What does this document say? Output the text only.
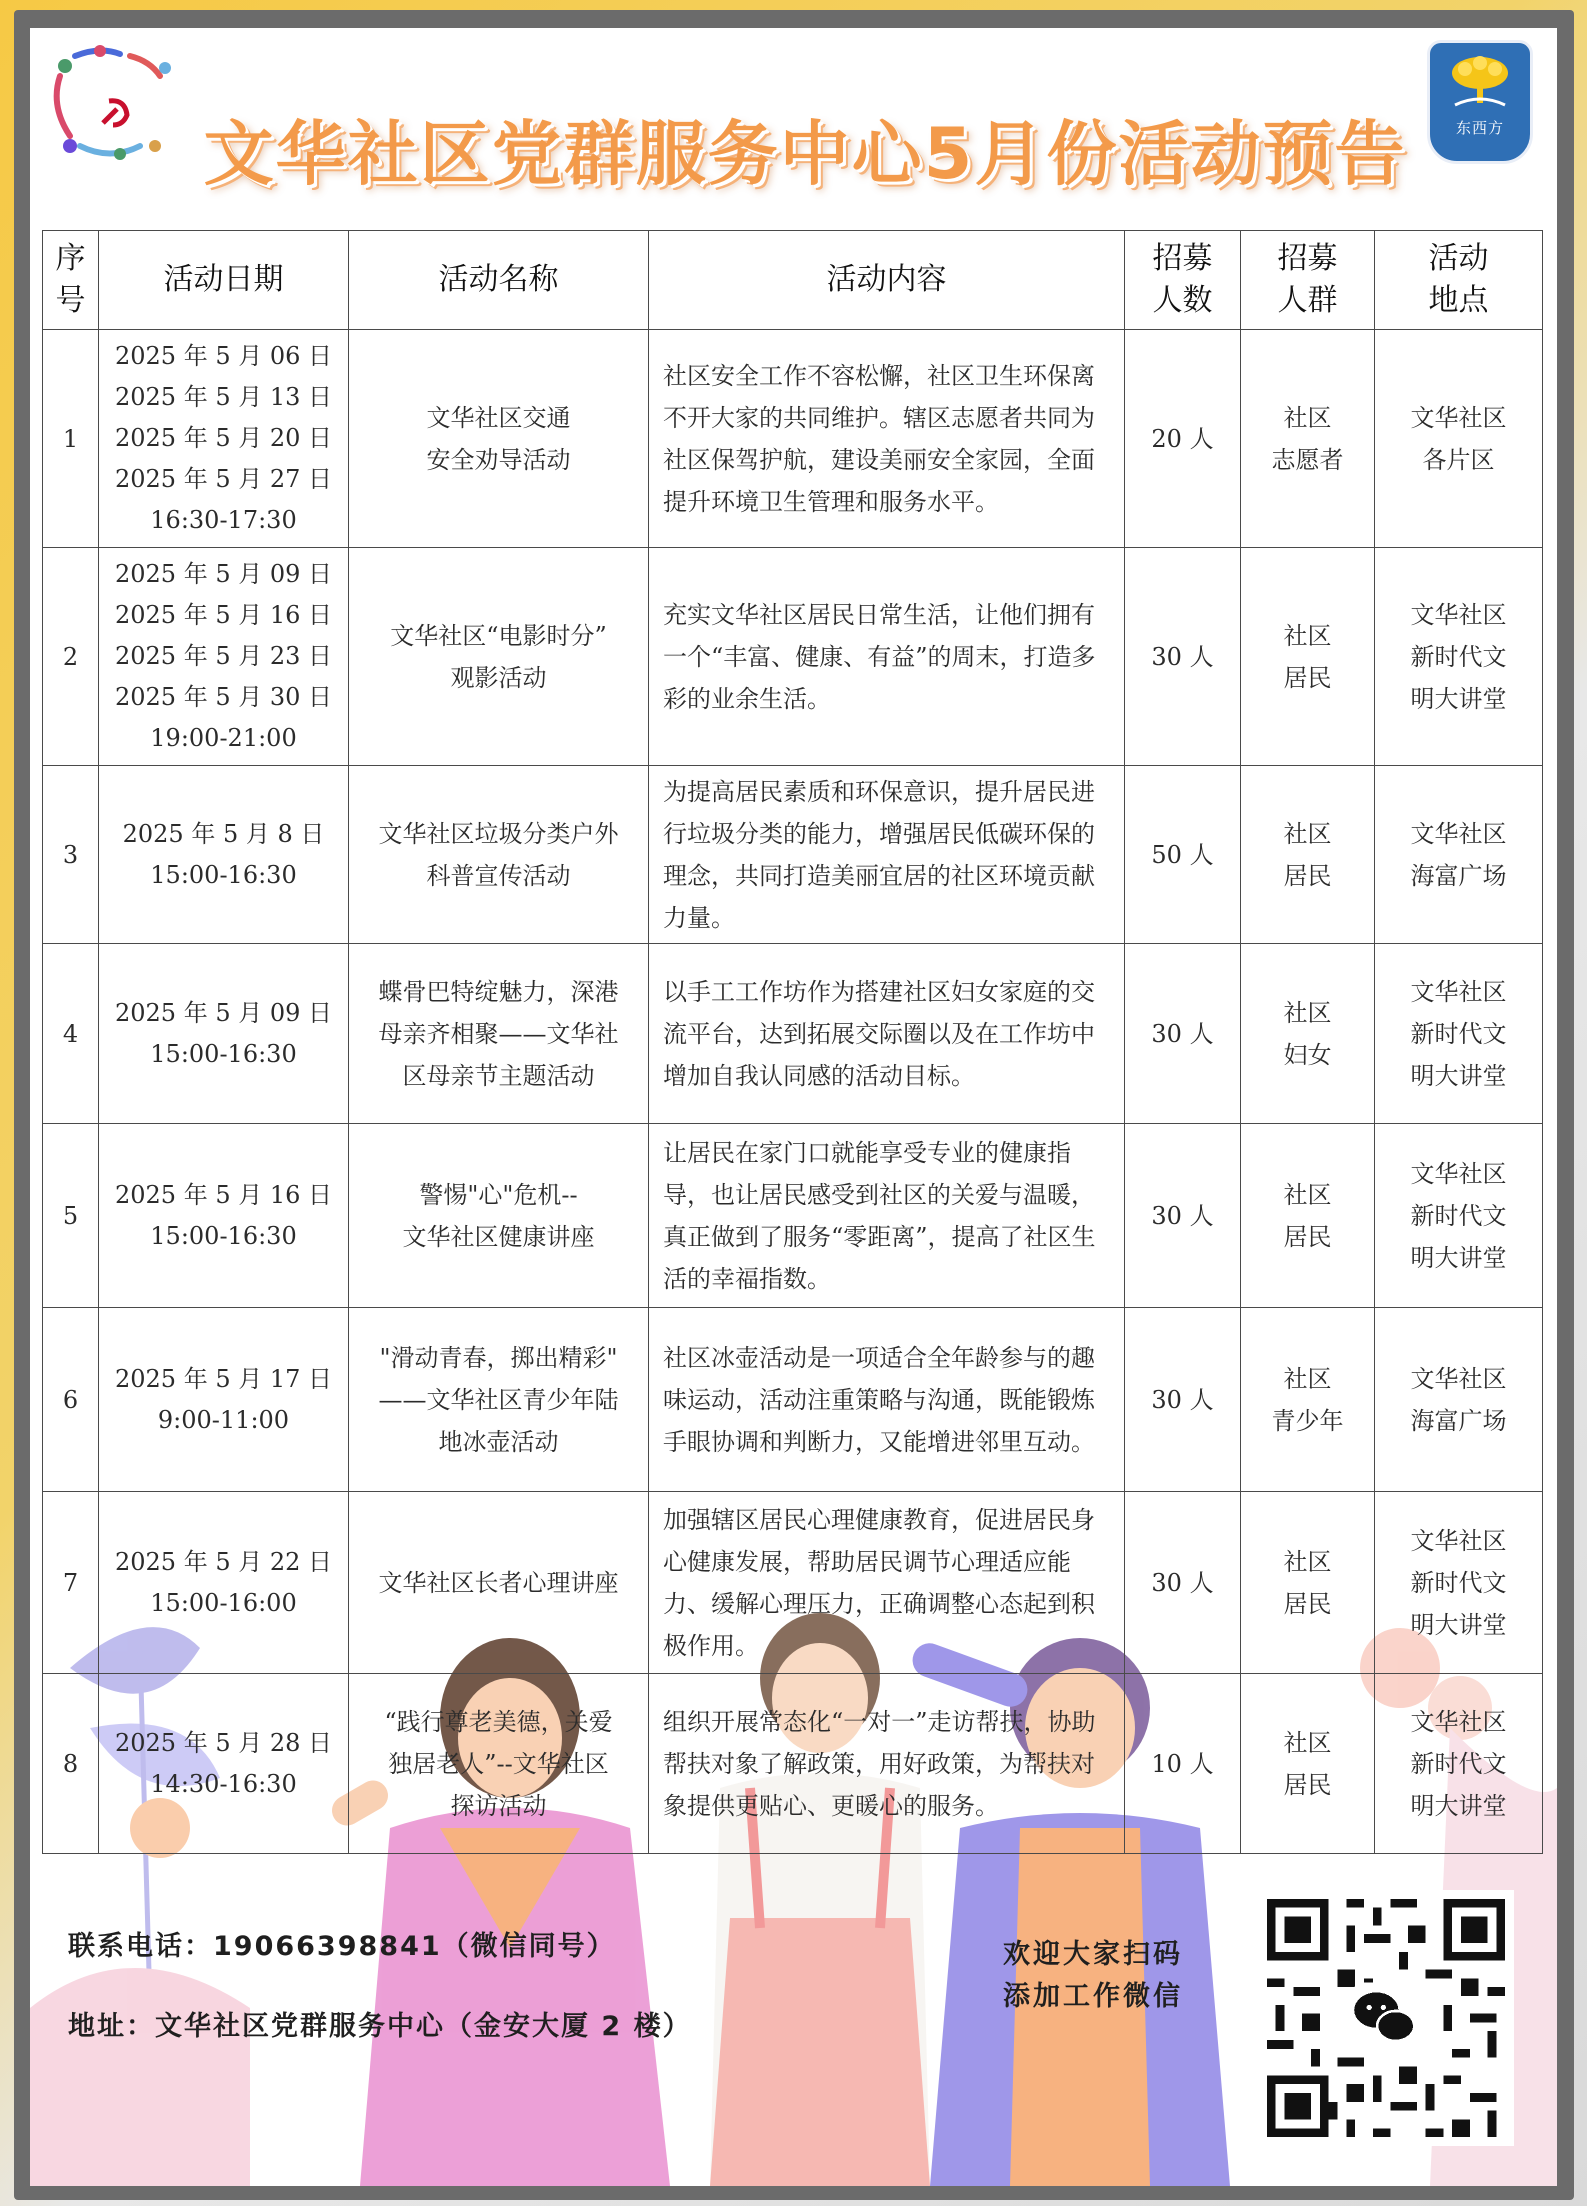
东西方
文华社区党群服务中心5月份活动预告
序
号	活动日期	活动名称	活动内容	招募
人数	招募
人群	活动
地点
1	2025 年 5 月 06 日
2025 年 5 月 13 日
2025 年 5 月 20 日
2025 年 5 月 27 日
16:30-17:30	文华社区交通
安全劝导活动	社区安全工作不容松懈，社区卫生环保离不开大家的共同维护。辖区志愿者共同为社区保驾护航，建设美丽安全家园，全面提升环境卫生管理和服务水平。	20 人	社区
志愿者	文华社区
各片区
2	2025 年 5 月 09 日
2025 年 5 月 16 日
2025 年 5 月 23 日
2025 年 5 月 30 日
19:00-21:00	文华社区“电影时分”
观影活动	充实文华社区居民日常生活，让他们拥有一个“丰富、健康、有益”的周末，打造多彩的业余生活。	30 人	社区
居民	文华社区
新时代文
明大讲堂
3	2025 年 5 月 8 日
15:00-16:30	文华社区垃圾分类户外
科普宣传活动	为提高居民素质和环保意识，提升居民进行垃圾分类的能力，增强居民低碳环保的理念，共同打造美丽宜居的社区环境贡献力量。	50 人	社区
居民	文华社区
海富广场
4	2025 年 5 月 09 日
15:00-16:30	蝶骨巴特绽魅力，深港
母亲齐相聚——文华社
区母亲节主题活动	以手工工作坊作为搭建社区妇女家庭的交流平台，达到拓展交际圈以及在工作坊中增加自我认同感的活动目标。	30 人	社区
妇女	文华社区
新时代文
明大讲堂
5	2025 年 5 月 16 日
15:00-16:30	警惕"心"危机--
文华社区健康讲座	让居民在家门口就能享受专业的健康指导，也让居民感受到社区的关爱与温暖，真正做到了服务“零距离”，提高了社区生活的幸福指数。	30 人	社区
居民	文华社区
新时代文
明大讲堂
6	2025 年 5 月 17 日
9:00-11:00	"滑动青春，掷出精彩"
——文华社区青少年陆
地冰壶活动	社区冰壶活动是一项适合全年龄参与的趣味运动，活动注重策略与沟通，既能锻炼手眼协调和判断力，又能增进邻里互动。	30 人	社区
青少年	文华社区
海富广场
7	2025 年 5 月 22 日
15:00-16:00	文华社区长者心理讲座	加强辖区居民心理健康教育，促进居民身心健康发展，帮助居民调节心理适应能力、缓解心理压力，正确调整心态起到积极作用。	30 人	社区
居民	文华社区
新时代文
明大讲堂
8	2025 年 5 月 28 日
14:30-16:30	“践行尊老美德，关爱
独居老人”--文华社区
探访活动	组织开展常态化“一对一”走访帮扶，协助帮扶对象了解政策，用好政策，为帮扶对象提供更贴心、更暖心的服务。	10 人	社区
居民	文华社区
新时代文
明大讲堂
联系电话：19066398841（微信同号）
地址：文华社区党群服务中心（金安大厦 2 楼）
欢迎大家扫码
添加工作微信
